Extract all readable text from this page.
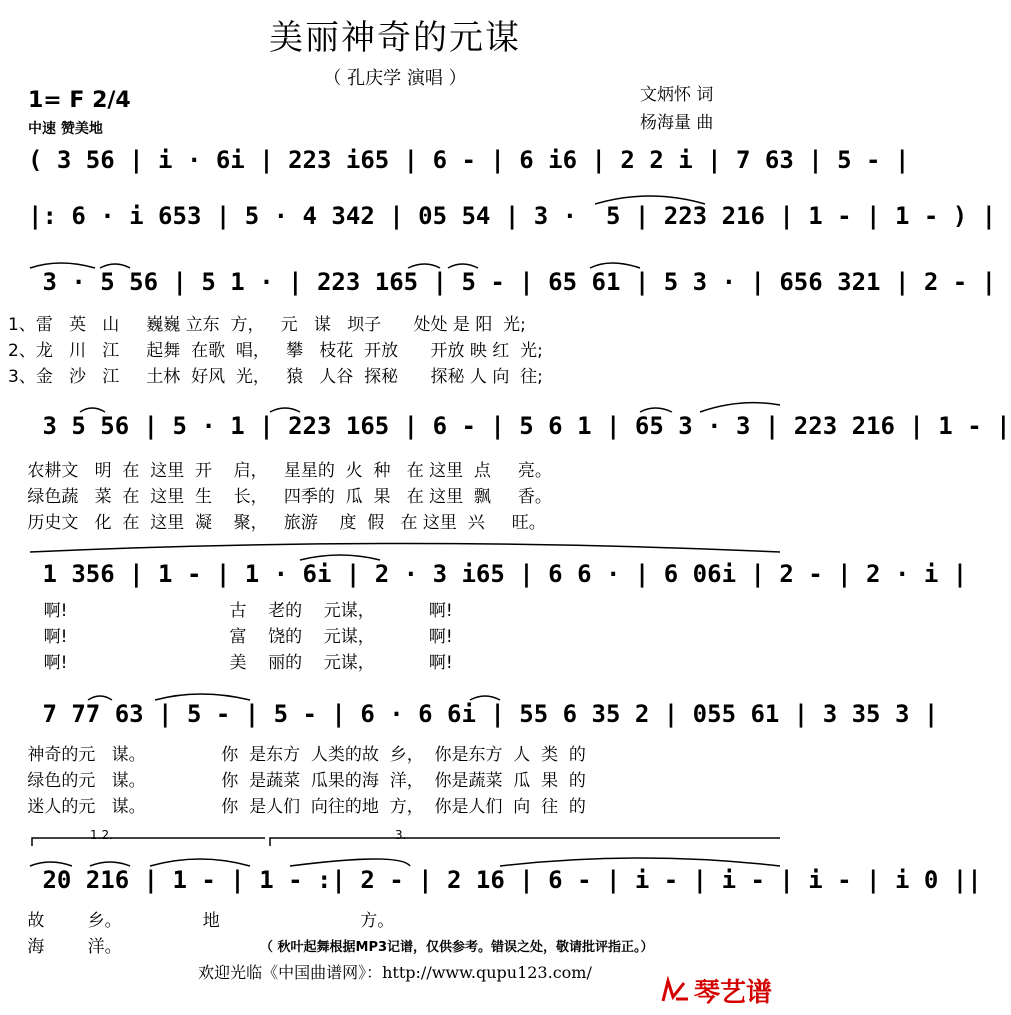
美丽神奇的元谋
（ 孔庆学 演唱 ）
1= F 2/4
中速 赞美地
文炳怀 词
杨海量 曲
( 3 56 | i · 6i | 223 i65 | 6 - | 6 i6 | 2 2 i | 7 63 | 5 - |
|: 6 · i 653 | 5 · 4 342 | 05 54 | 3 ·  5 | 223 216 | 1 - | 1 - ) |
3 · 5 56 | 5 1 · | 223 165 | 5 - | 65 61 | 5 3 · | 656 321 | 2 - |
1、雷   英   山     巍巍 立东  方，   元   谋   坝子      处处 是 阳  光;
2、龙   川   江     起舞  在歌  唱，   攀   枝花  开放      开放 映 红  光;
3、金   沙   江     土林  好风  光，   猿   人谷  探秘      探秘 人 向  往;
3 5 56 | 5 · 1 | 223 165 | 6 - | 5 6 1 | 65 3 · 3 | 223 216 | 1 - |
农耕文   明  在  这里  开    启，   星星的  火  种   在 这里  点     亮。
绿色蔬   菜  在  这里  生    长，   四季的  瓜  果   在 这里  飘     香。
历史文   化  在  这里  凝    聚，   旅游    度  假   在 这里  兴     旺。
1 356 | 1 - | 1 · 6i | 2 · 3 i65 | 6 6 · | 6 06i | 2 - | 2 · i |
啊!                              古    老的    元谋，          啊!
啊!                              富    饶的    元谋，          啊!
啊!                              美    丽的    元谋，          啊!
7 77 63 | 5 - | 5 - | 6 · 6 6i | 55 6 35 2 | 055 61 | 3 35 3 |
神奇的元   谋。              你  是东方  人类的故  乡，  你是东方  人  类  的
绿色的元   谋。              你  是蔬菜  瓜果的海  洋，  你是蔬菜  瓜  果  的
迷人的元   谋。              你  是人们  向往的地  方，  你是人们  向  往  的
1.2.	3.
20 216 | 1 - | 1 - :| 2 - | 2 16 | 6 - | i - | i - | i - | i 0 ||
故        乡。               地                          方。
海        洋。	（ 秋叶起舞根据MP3记谱，仅供参考。错误之处，敬请批评指正。）
欢迎光临《中国曲谱网》：http://www.qupu123.com/
琴艺谱
